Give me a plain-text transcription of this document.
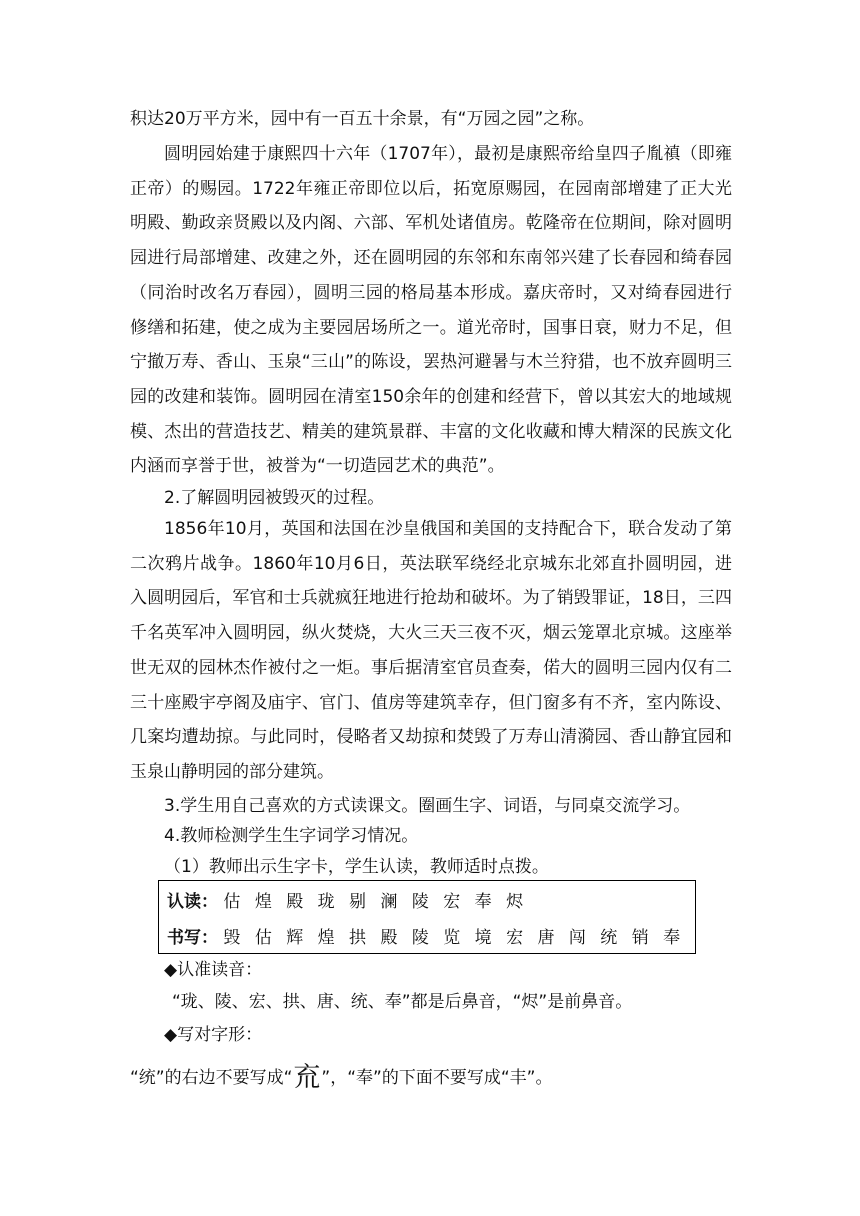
积达20万平方米，园中有一百五十余景，有“万园之园”之称。

圆明园始建于康熙四十六年（1707年），最初是康熙帝给皇四子胤禛（即雍正帝）的赐园。1722年雍正帝即位以后，拓宽原赐园，在园南部增建了正大光明殿、勤政亲贤殿以及内阁、六部、军机处诸值房。乾隆帝在位期间，除对圆明园进行局部增建、改建之外，还在圆明园的东邻和东南邻兴建了长春园和绮春园（同治时改名万春园），圆明三园的格局基本形成。嘉庆帝时，又对绮春园进行修缮和拓建，使之成为主要园居场所之一。道光帝时，国事日衰，财力不足，但宁撤万寿、香山、玉泉“三山”的陈设，罢热河避暑与木兰狩猎，也不放弃圆明三园的改建和装饰。圆明园在清室150余年的创建和经营下，曾以其宏大的地域规模、杰出的营造技艺、精美的建筑景群、丰富的文化收藏和博大精深的民族文化内涵而享誉于世，被誉为“一切造园艺术的典范”。

2.了解圆明园被毁灭的过程。

1856年10月，英国和法国在沙皇俄国和美国的支持配合下，联合发动了第二次鸦片战争。1860年10月6日，英法联军绕经北京城东北郊直扑圆明园，进入圆明园后，军官和士兵就疯狂地进行抢劫和破坏。为了销毁罪证，18日，三四千名英军冲入圆明园，纵火焚烧，大火三天三夜不灭，烟云笼罩北京城。这座举世无双的园林杰作被付之一炬。事后据清室官员查奏，偌大的圆明三园内仅有二三十座殿宇亭阁及庙宇、官门、值房等建筑幸存，但门窗多有不齐，室内陈设、几案均遭劫掠。与此同时，侵略者又劫掠和焚毁了万寿山清漪园、香山静宜园和玉泉山静明园的部分建筑。

3.学生用自己喜欢的方式读课文。圈画生字、词语，与同桌交流学习。

4.教师检测学生生字词学习情况。

（1）教师出示生字卡，学生认读，教师适时点拨。

认读： 估 煌 殿 珑 剔 澜 陵 宏 奉 烬
书写： 毁 估 辉 煌 拱 殿 陵 览 境 宏 唐 闯 统 销 奉

◆认准读音：

“珑、陵、宏、拱、唐、统、奉”都是后鼻音，“烬”是前鼻音。

◆写对字形：

“统”的右边不要写成“㐬”，“奉”的下面不要写成“丰”。
